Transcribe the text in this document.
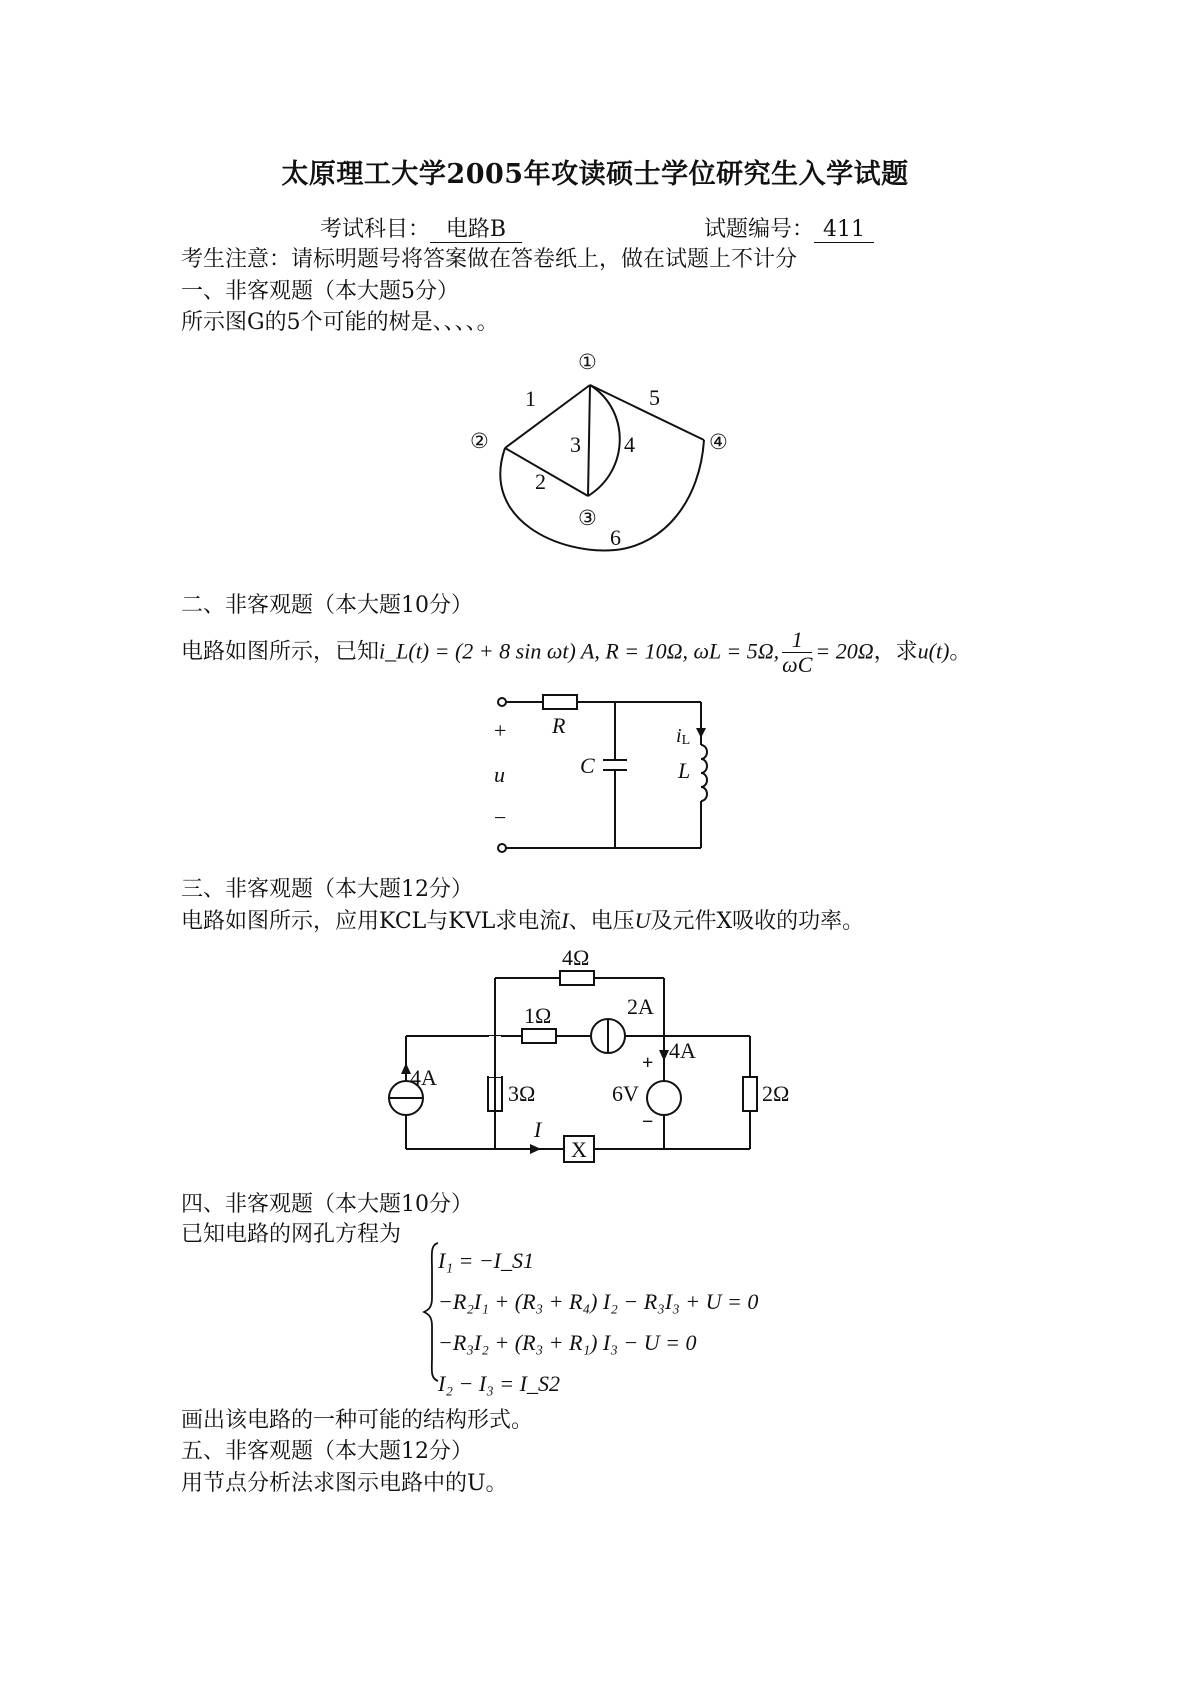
太原理工大学2005年攻读硕士学位研究生入学试题
考试科目： 电路B	试题编号： 411
考生注意：请标明题号将答案做在答卷纸上，做在试题上不计分
一、非客观题（本大题5分）
所示图G的5个可能的树是、、、、。
①
②
③
④
1
2
3 4
5
6
二、非客观题（本大题10分）
电路如图所示，已知i_L(t) = (2 + 8 sin ωt) A, R = 10Ω, ωL = 5Ω, $\frac{1}{\omega C} = 20\Omega$，求u(t)。
+
u
−
R
C
iL
L
三、非客观题（本大题12分）
电路如图所示，应用KCL与KVL求电流I、电压U及元件X吸收的功率。
4Ω
1Ω	2A
4A
3Ω	6V
4A
2Ω
I
X
+
−
四、非客观题（本大题10分）
已知电路的网孔方程为
I₁ = −I_S1
−R₂I₁ + (R₃ + R₄) I₂ − R₃I₃ + U = 0
−R₃I₂ + (R₃ + R₁) I₃ − U = 0
I₂ − I₃ = I_S2
画出该电路的一种可能的结构形式。
五、非客观题（本大题12分）
用节点分析法求图示电路中的U。
